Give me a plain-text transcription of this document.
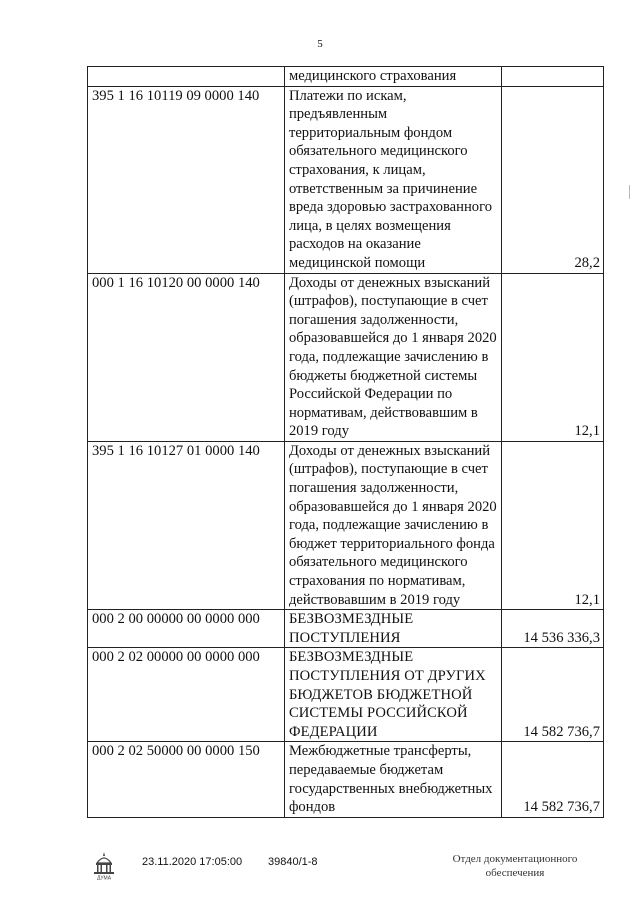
5
	медицинского страхования	
395 1 16 10119 09 0000 140	Платежи по искам, предъявленным территориальным фондом обязательного медицинского страхования, к лицам, ответственным за причинение вреда здоровью застрахованного лица, в целях возмещения расходов на оказание медицинской помощи	28,2
000 1 16 10120 00 0000 140	Доходы от денежных взысканий (штрафов), поступающие в счет погашения задолженности, образовавшейся до 1 января 2020 года, подлежащие зачислению в бюджеты бюджетной системы Российской Федерации по нормативам, действовавшим в 2019 году	12,1
395 1 16 10127 01 0000 140	Доходы от денежных взысканий (штрафов), поступающие в счет погашения задолженности, образовавшейся до 1 января 2020 года, подлежащие зачислению в бюджет территориального фонда обязательного медицинского страхования по нормативам, действовавшим в 2019 году	12,1
000 2 00 00000 00 0000 000	БЕЗВОЗМЕЗДНЫЕ ПОСТУПЛЕНИЯ	14 536 336,3
000 2 02 00000 00 0000 000	БЕЗВОЗМЕЗДНЫЕ ПОСТУПЛЕНИЯ ОТ ДРУГИХ БЮДЖЕТОВ БЮДЖЕТНОЙ СИСТЕМЫ РОССИЙСКОЙ ФЕДЕРАЦИИ	14 582 736,7
000 2 02 50000 00 0000 150	Межбюджетные трансферты, передаваемые бюджетам государственных внебюджетных фондов	14 582 736,7
ДУМА
23.11.2020 17:05:00 39840/1-8	Отдел документационного
обеспечения
